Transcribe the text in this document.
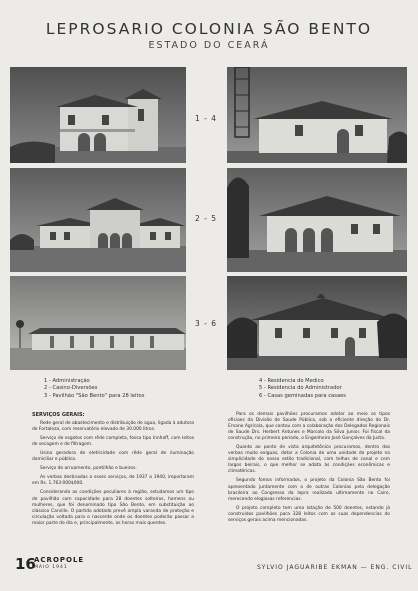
LEPROSARIO COLONIA SÃO BENTO
ESTADO DO CEARÁ
1 - 4
2 - 5
3 - 6
1 - Administração
2 - Casino-Diversões
3 - Pavilhão "São Bento" para 28 leitos
4 - Residencia do Medico
5 - Residencia do Administrador
6 - Casas geminadas para casaes

SERVIÇOS GERAIS:

Rede geral de abastecimento e distribuição de agua, ligada à adutora de Fortaleza, com reservatório elevado de 30.000 litros.

Serviço de esgotos com rêde completa, fossa tipo Innhoff, com leitos de secagem e de filtragem.

Usina geradora de eletricidade com rêde geral de iluminação domiciliar e pública.

Serviço de arruamento, pontilhão e bueiros.

As verbas destinadas a esses serviços, de 1937 a 1940, importaram em Rs. 1.763:000$000.

Considerando as condições peculiares à região, estudamos um tipo de pavilhão com capacidade para 28 doentes solteiros, homens ou mulheres, que foi denominado tipo São Bento, em substituição ao clássico Carville. O partido adotado prevê ampla varanda de proteção e circulação voltada para o nascente onde os doentes poderão passar a maior parte do dia e, principalmente, as horas mais quentes.

Para os demais pavilhões procuramos adotar ao meio os tipos oficiaes da Divisão de Saude Pública, sob a eficiente direção do Dr. Ernane Agricola, que contou com a colaboração dos Delegados Regionais de Saude Drs. Herbert Antunes e Marcolo da Silva Junior. Foi fiscal da construção, no primeiro período, o Engenheiro José Gonçalves da Justa.

Quanto ao ponto de vista arquitetônico procuramos, dentro das verbas muito exíguas, dotar a Colonia de uma unidade de projeto na simplicidade do nosso estilo tradicional, com telhas de canal e com largos beirais, o que melhor se adata às condições econômicas e climatéricas.

Segundo fomos informados, o projeto da Colonia São Bento foi apresentado juntamente com o de outras Colonias pela delegação brasileira ao Congresso da lepra realizado ultimamente no Cairo, merecendo elogiosas referencias.

O projeto completo tem uma lotação de 500 doentes, estando já construidos pavilhões para 328 leitos com as suas dependencias do serviços gerais acima mencionadas.

16
ACROPOLE
MAIO 1941	SYLVIO JAGUARIBE EKMAN — ENG. CIVIL
